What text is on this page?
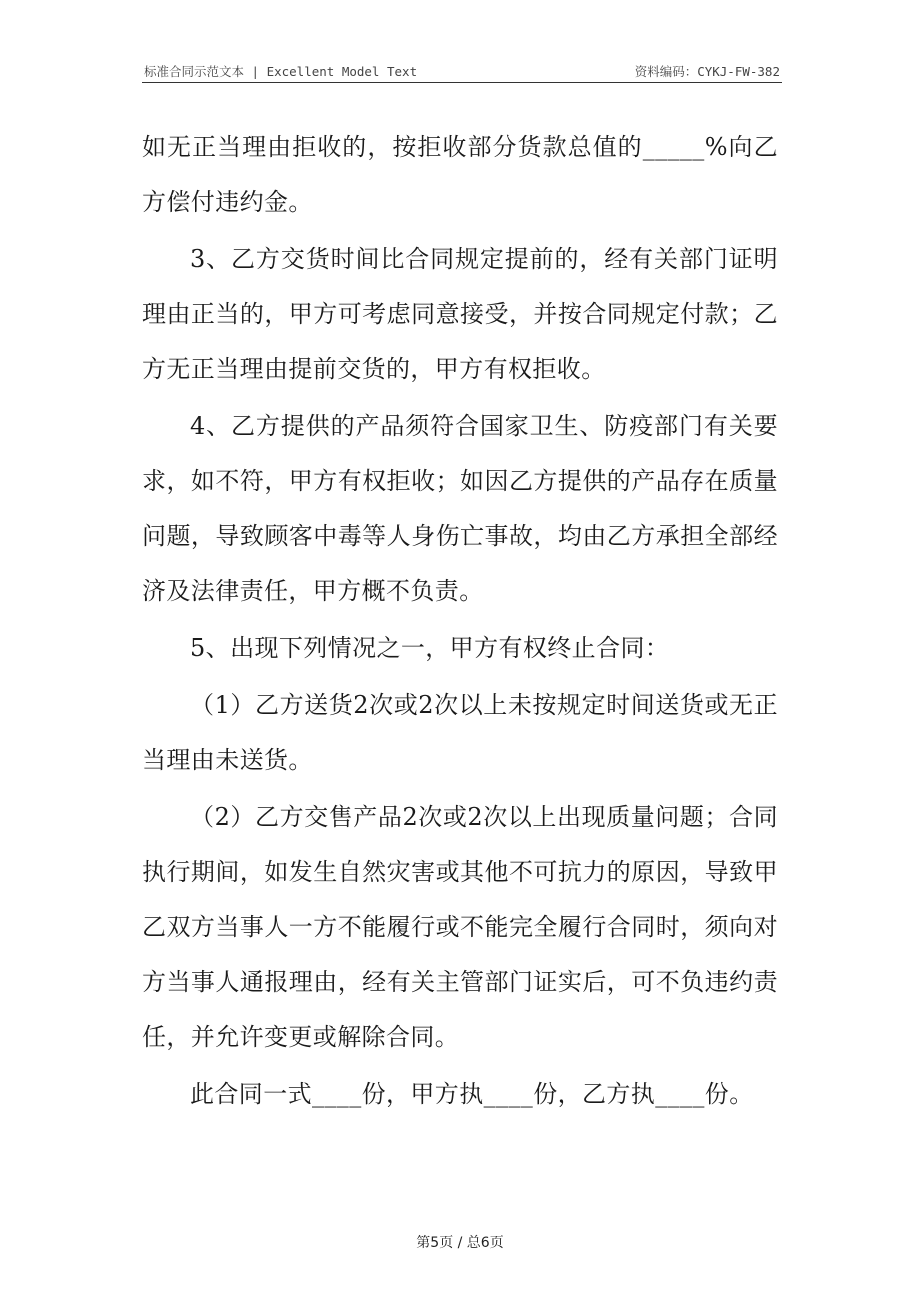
标准合同示范文本 | Excellent Model Text	资料编码：CYKJ-FW-382

如无正当理由拒收的，按拒收部分货款总值的_____%向乙方偿付违约金。

3、乙方交货时间比合同规定提前的，经有关部门证明理由正当的，甲方可考虑同意接受，并按合同规定付款；乙方无正当理由提前交货的，甲方有权拒收。

4、乙方提供的产品须符合国家卫生、防疫部门有关要求，如不符，甲方有权拒收；如因乙方提供的产品存在质量问题，导致顾客中毒等人身伤亡事故，均由乙方承担全部经济及法律责任，甲方概不负责。

5、出现下列情况之一，甲方有权终止合同：

（1）乙方送货2次或2次以上未按规定时间送货或无正当理由未送货。

（2）乙方交售产品2次或2次以上出现质量问题；合同执行期间，如发生自然灾害或其他不可抗力的原因，导致甲乙双方当事人一方不能履行或不能完全履行合同时，须向对方当事人通报理由，经有关主管部门证实后，可不负违约责任，并允许变更或解除合同。

此合同一式____份，甲方执____份，乙方执____份。

第5页 / 总6页
